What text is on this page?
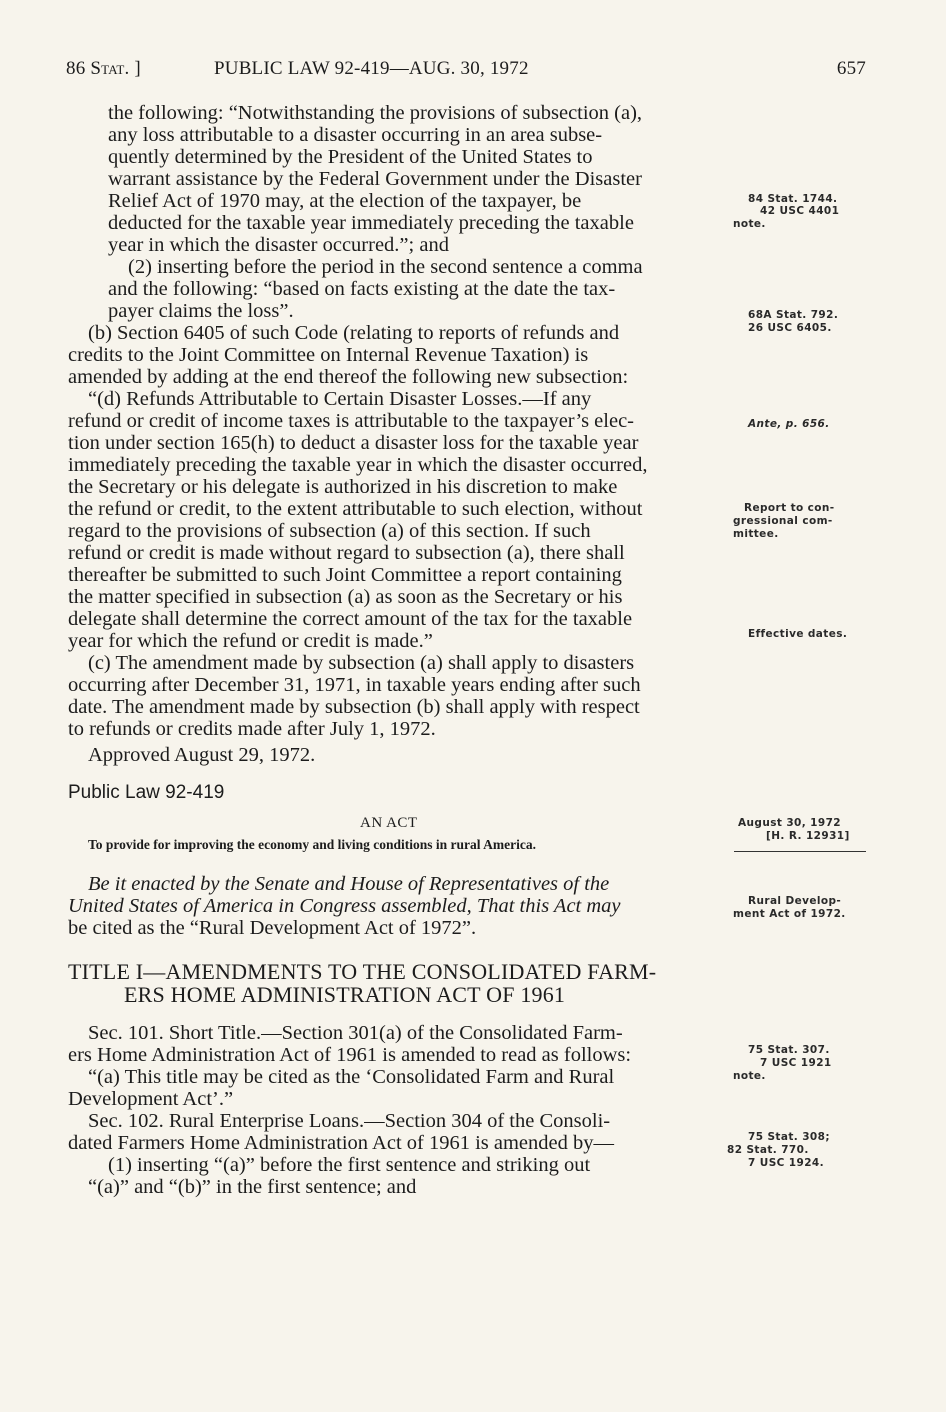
86 Stat. ]	PUBLIC LAW 92-419—AUG. 30, 1972	657
the following: “Notwithstanding the provisions of subsection (a),
any loss attributable to a disaster occurring in an area subse-
quently determined by the President of the United States to
warrant assistance by the Federal Government under the Disaster
Relief Act of 1970 may, at the election of the taxpayer, be
deducted for the taxable year immediately preceding the taxable
year in which the disaster occurred.”; and
(2) inserting before the period in the second sentence a comma
and the following: “based on facts existing at the date the tax-
payer claims the loss”.
(b) Section 6405 of such Code (relating to reports of refunds and
credits to the Joint Committee on Internal Revenue Taxation) is
amended by adding at the end thereof the following new subsection:
“(d) Refunds Attributable to Certain Disaster Losses.—If any
refund or credit of income taxes is attributable to the taxpayer’s elec-
tion under section 165(h) to deduct a disaster loss for the taxable year
immediately preceding the taxable year in which the disaster occurred,
the Secretary or his delegate is authorized in his discretion to make
the refund or credit, to the extent attributable to such election, without
regard to the provisions of subsection (a) of this section. If such
refund or credit is made without regard to subsection (a), there shall
thereafter be submitted to such Joint Committee a report containing
the matter specified in subsection (a) as soon as the Secretary or his
delegate shall determine the correct amount of the tax for the taxable
year for which the refund or credit is made.”
(c) The amendment made by subsection (a) shall apply to disasters
occurring after December 31, 1971, in taxable years ending after such
date. The amendment made by subsection (b) shall apply with respect
to refunds or credits made after July 1, 1972.
Approved August 29, 1972.
Public Law 92-419
AN ACT
To provide for improving the economy and living conditions in rural America.
Be it enacted by the Senate and House of Representatives of the
United States of America in Congress assembled, That this Act may
be cited as the “Rural Development Act of 1972”.
TITLE I—AMENDMENTS TO THE CONSOLIDATED FARM-
ERS HOME ADMINISTRATION ACT OF 1961
Sec. 101. Short Title.—Section 301(a) of the Consolidated Farm-
ers Home Administration Act of 1961 is amended to read as follows:
“(a) This title may be cited as the ‘Consolidated Farm and Rural
Development Act’.”
Sec. 102. Rural Enterprise Loans.—Section 304 of the Consoli-
dated Farmers Home Administration Act of 1961 is amended by—
(1) inserting “(a)” before the first sentence and striking out
“(a)” and “(b)” in the first sentence; and
84 Stat. 1744.
42 USC 4401
note.
68A Stat. 792.
26 USC 6405.
Ante, p. 656.
Report to con-
gressional com-
mittee.
Effective dates.
August 30, 1972
[H. R. 12931]
Rural Develop-
ment Act of 1972.
75 Stat. 307.
7 USC 1921
note.
75 Stat. 308;
82 Stat. 770.
7 USC 1924.
